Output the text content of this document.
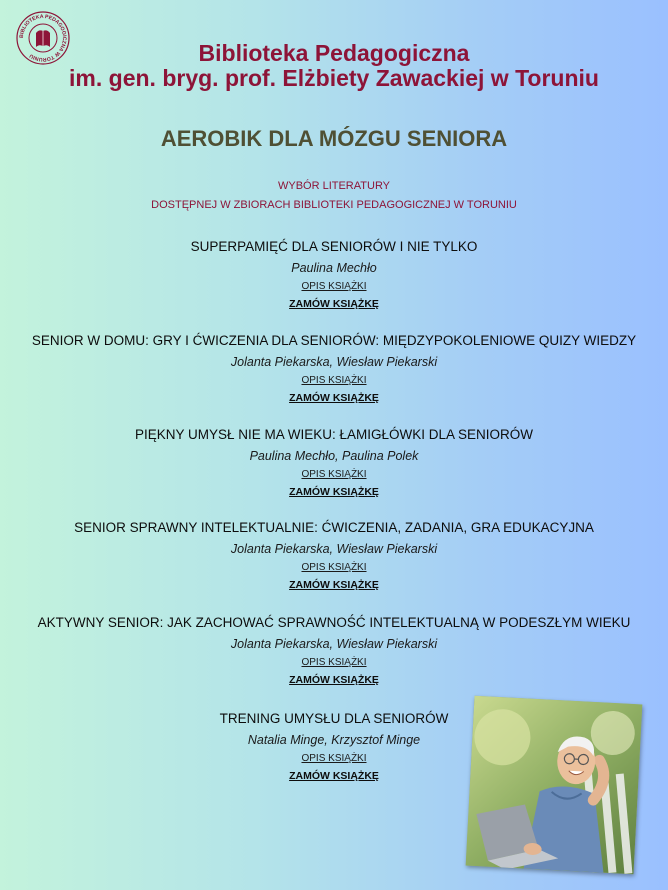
BIBLIOTEKA PEDAGOGICZNA W TORUNIU	Biblioteka Pedagogiczna
im. gen. bryg. prof. Elżbiety Zawackiej w Toruniu
AEROBIK DLA MÓZGU SENIORA
WYBÓR LITERATURY
DOSTĘPNEJ W ZBIORACH BIBLIOTEKI PEDAGOGICZNEJ W TORUNIU
SUPERPAMIĘĆ DLA SENIORÓW I NIE TYLKO
Paulina Mechło
OPIS KSIĄŻKI
ZAMÓW KSIĄŻKĘ
SENIOR W DOMU: GRY I ĆWICZENIA DLA SENIORÓW: MIĘDZYPOKOLENIOWE QUIZY WIEDZY
Jolanta Piekarska, Wiesław Piekarski
OPIS KSIĄŻKI
ZAMÓW KSIĄŻKĘ
PIĘKNY UMYSŁ NIE MA WIEKU: ŁAMIGŁÓWKI DLA SENIORÓW
Paulina Mechło, Paulina Polek
OPIS KSIĄŻKI
ZAMÓW KSIĄŻKĘ
SENIOR SPRAWNY INTELEKTUALNIE: ĆWICZENIA, ZADANIA, GRA EDUKACYJNA
Jolanta Piekarska, Wiesław Piekarski
OPIS KSIĄŻKI
ZAMÓW KSIĄŻKĘ
AKTYWNY SENIOR: JAK ZACHOWAĆ SPRAWNOŚĆ INTELEKTUALNĄ W PODESZŁYM WIEKU
Jolanta Piekarska, Wiesław Piekarski
OPIS KSIĄŻKI
ZAMÓW KSIĄŻKĘ
TRENING UMYSŁU DLA SENIORÓW
Natalia Minge, Krzysztof Minge
OPIS KSIĄŻKI
ZAMÓW KSIĄŻKĘ
